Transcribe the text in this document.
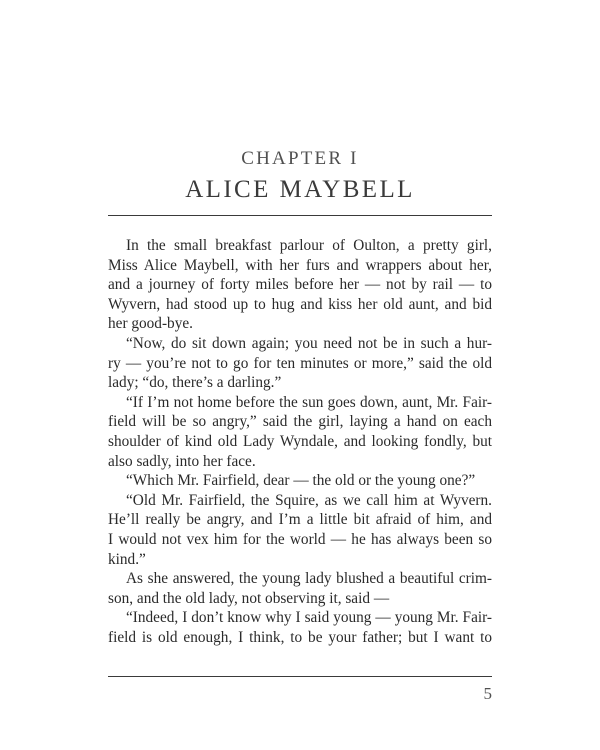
CHAPTER I
ALICE MAYBELL
In the small breakfast parlour of Oulton, a pretty girl,
Miss Alice Maybell, with her furs and wrappers about her,
and a journey of forty miles before her — not by rail — to
Wyvern, had stood up to hug and kiss her old aunt, and bid
her good-bye.
“Now, do sit down again; you need not be in such a hur-
ry — you’re not to go for ten minutes or more,” said the old
lady; “do, there’s a darling.”
“If I’m not home before the sun goes down, aunt, Mr. Fair-
field will be so angry,” said the girl, laying a hand on each
shoulder of kind old Lady Wyndale, and looking fondly, but
also sadly, into her face.
“Which Mr. Fairfield, dear — the old or the young one?”
“Old Mr. Fairfield, the Squire, as we call him at Wyvern.
He’ll really be angry, and I’m a little bit afraid of him, and
I would not vex him for the world — he has always been so
kind.”
As she answered, the young lady blushed a beautiful crim-
son, and the old lady, not observing it, said —
“Indeed, I don’t know why I said young — young Mr. Fair-
field is old enough, I think, to be your father; but I want to
5
